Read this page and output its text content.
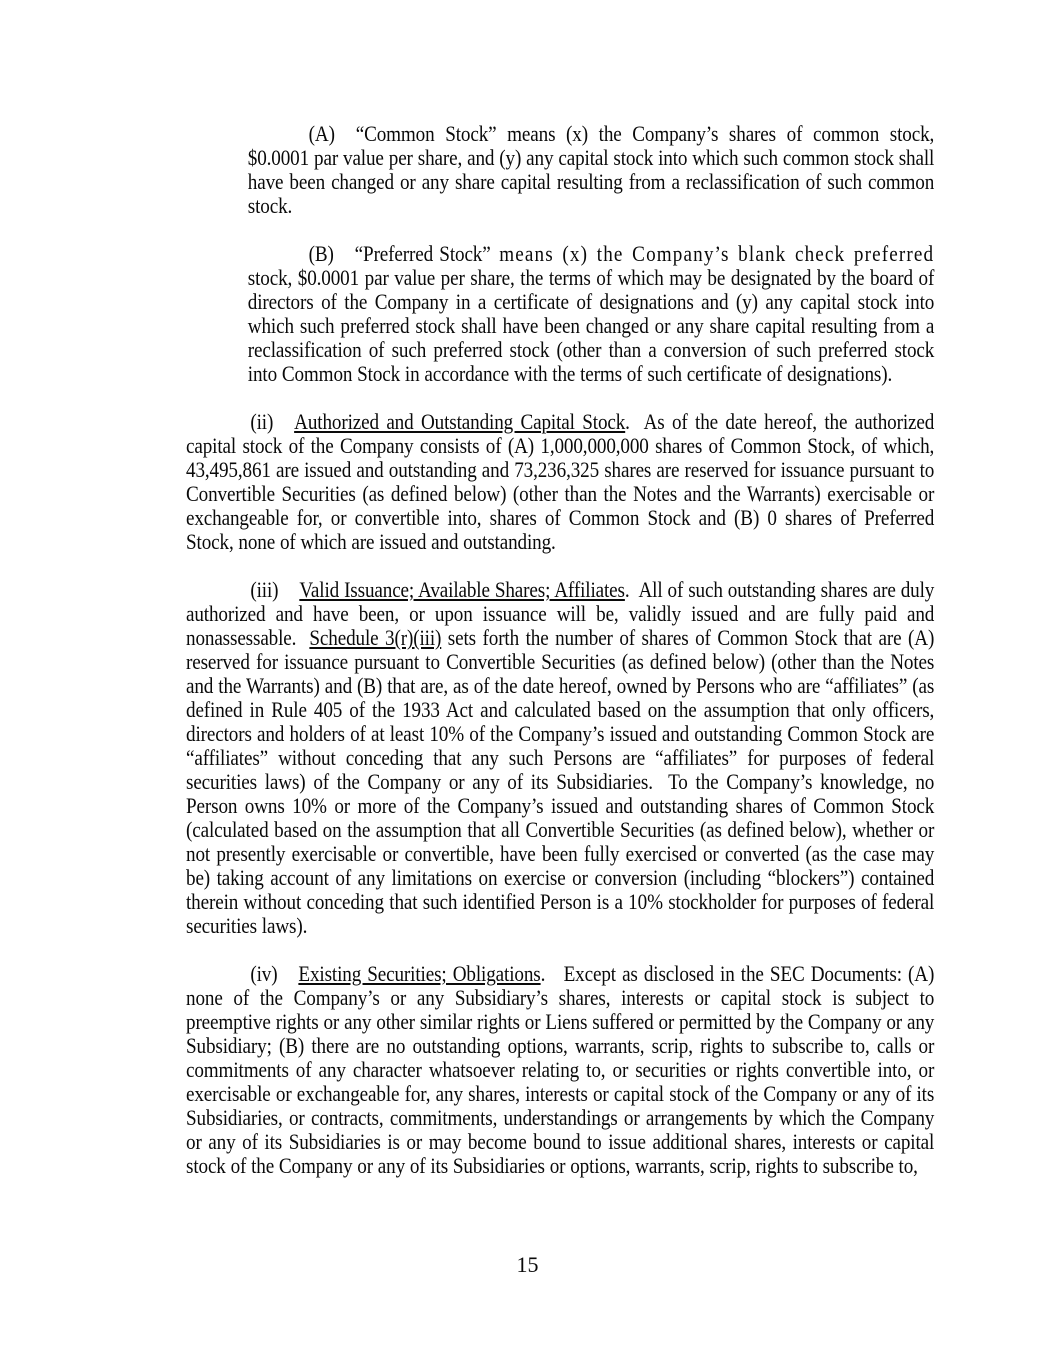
(A) “Common Stock” means (x) the Company’s shares of common stock, $0.0001 par value per share, and (y) any capital stock into which such common stock shall have been changed or any share capital resulting from a reclassification of such common stock.

(B) “Preferred Stock” means (x) the Company’s blank check preferred stock, $0.0001 par value per share, the terms of which may be designated by the board of directors of the Company in a certificate of designations and (y) any capital stock into which such preferred stock shall have been changed or any share capital resulting from a reclassification of such preferred stock (other than a conversion of such preferred stock into Common Stock in accordance with the terms of such certificate of designations).

(ii) Authorized and Outstanding Capital Stock.  As of the date hereof, the authorized capital stock of the Company consists of (A) 1,000,000,000 shares of Common Stock, of which, 43,495,861 are issued and outstanding and 73,236,325 shares are reserved for issuance pursuant to Convertible Securities (as defined below) (other than the Notes and the Warrants) exercisable or exchangeable for, or convertible into, shares of Common Stock and (B) 0 shares of Preferred Stock, none of which are issued and outstanding.

(iii) Valid Issuance; Available Shares; Affiliates.  All of such outstanding shares are duly authorized and have been, or upon issuance will be, validly issued and are fully paid and nonassessable.  Schedule 3(r)(iii) sets forth the number of shares of Common Stock that are (A) reserved for issuance pursuant to Convertible Securities (as defined below) (other than the Notes and the Warrants) and (B) that are, as of the date hereof, owned by Persons who are “affiliates” (as defined in Rule 405 of the 1933 Act and calculated based on the assumption that only officers, directors and holders of at least 10% of the Company’s issued and outstanding Common Stock are “affiliates” without conceding that any such Persons are “affiliates” for purposes of federal securities laws) of the Company or any of its Subsidiaries.  To the Company’s knowledge, no Person owns 10% or more of the Company’s issued and outstanding shares of Common Stock (calculated based on the assumption that all Convertible Securities (as defined below), whether or not presently exercisable or convertible, have been fully exercised or converted (as the case may be) taking account of any limitations on exercise or conversion (including “blockers”) contained therein without conceding that such identified Person is a 10% stockholder for purposes of federal securities laws).

(iv) Existing Securities; Obligations.   Except as disclosed in the SEC Documents: (A) none of the Company’s or any Subsidiary’s shares, interests or capital stock is subject to preemptive rights or any other similar rights or Liens suffered or permitted by the Company or any Subsidiary; (B) there are no outstanding options, warrants, scrip, rights to subscribe to, calls or commitments of any character whatsoever relating to, or securities or rights convertible into, or exercisable or exchangeable for, any shares, interests or capital stock of the Company or any of its Subsidiaries, or contracts, commitments, understandings or arrangements by which the Company or any of its Subsidiaries is or may become bound to issue additional shares, interests or capital stock of the Company or any of its Subsidiaries or options, warrants, scrip, rights to subscribe to,

15
